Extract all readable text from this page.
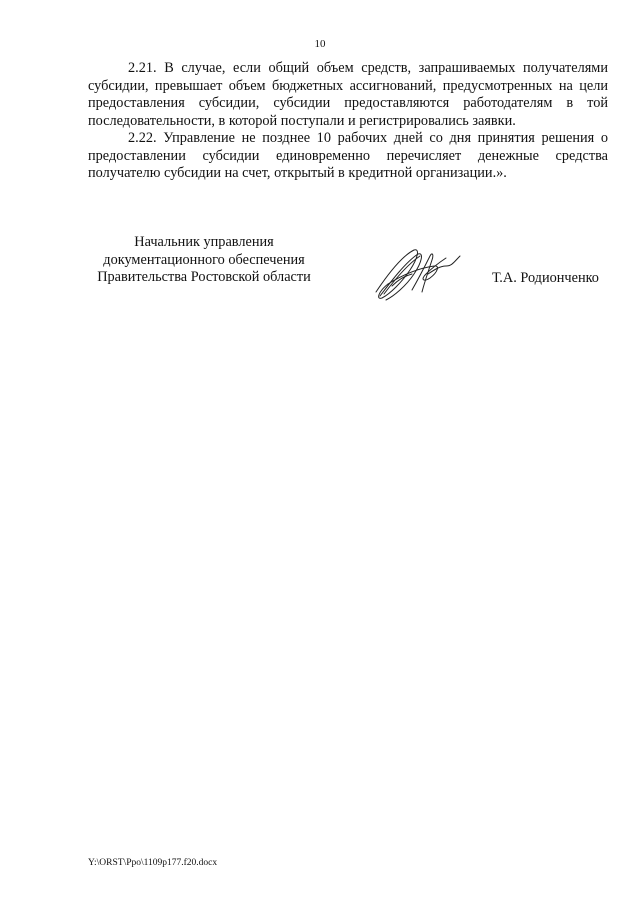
10

2.21. В случае, если общий объем средств, запрашиваемых получателями субсидии, превышает объем бюджетных ассигнований, предусмотренных на цели предоставления субсидии, субсидии предоставляются работодателям в той последовательности, в которой поступали и регистрировались заявки.

2.22. Управление не позднее 10 рабочих дней со дня принятия решения о предоставлении субсидии единовременно перечисляет денежные средства получателю субсидии на счет, открытый в кредитной организации.».

Начальник управления
документационного обеспечения
Правительства Ростовской области	Т.А. Родионченко
Y:\ORST\Ppo\1109p177.f20.docx
